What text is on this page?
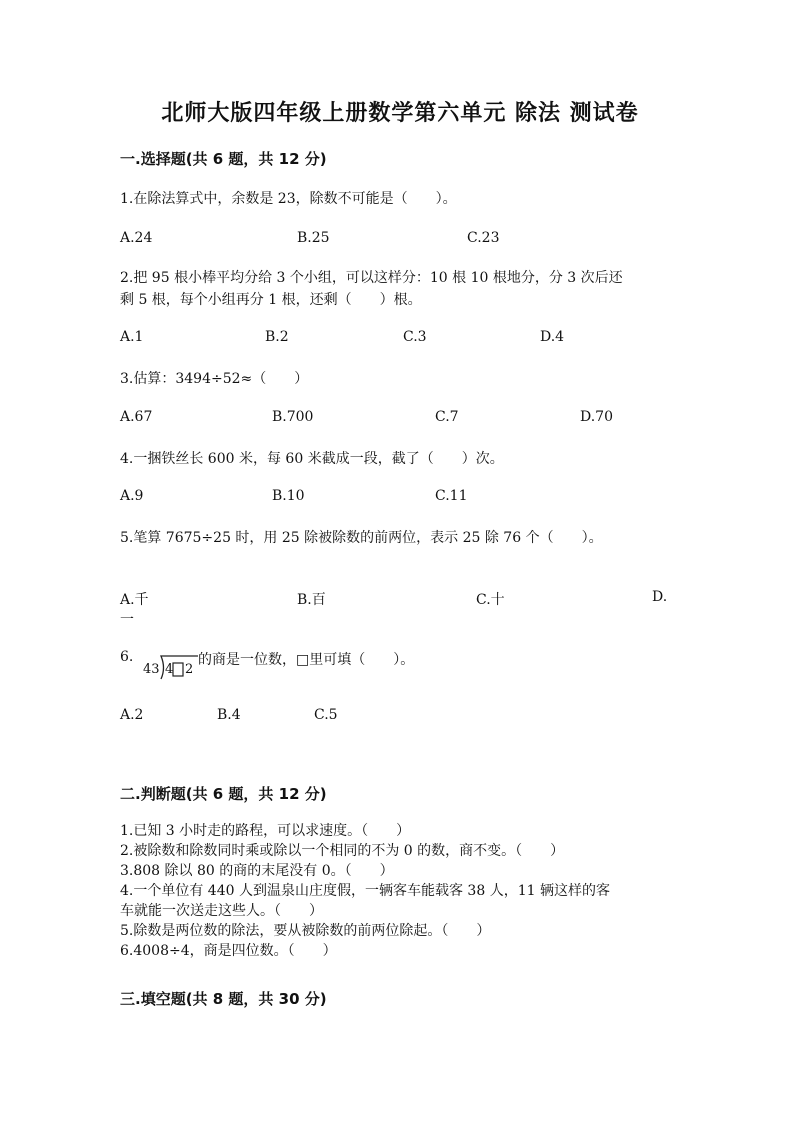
北师大版四年级上册数学第六单元 除法 测试卷
一.选择题(共 6 题，共 12 分)
1.在除法算式中，余数是 23，除数不可能是（　　）。
A.24	B.25	C.23
2.把 95 根小棒平均分给 3 个小组，可以这样分：10 根 10 根地分，分 3 次后还
剩 5 根，每个小组再分 1 根，还剩（　　）根。
A.1	B.2	C.3	D.4
3.估算：3494÷52≈（　　）
A.67	B.700	C.7	D.70
4.一捆铁丝长 600 米，每 60 米截成一段，截了（　　）次。
A.9	B.10	C.11
5.笔算 7675÷25 时，用 25 除被除数的前两位，表示 25 除 76 个（　　）。
A.千	B.百	C.十	D.
一
6.
43 4 2
的商是一位数，□里可填（　　）。
A.2	B.4	C.5
二.判断题(共 6 题，共 12 分)
1.已知 3 小时走的路程，可以求速度。（　　）
2.被除数和除数同时乘或除以一个相同的不为 0 的数，商不变。（　　）
3.808 除以 80 的商的末尾没有 0。（　　）
4.一个单位有 440 人到温泉山庄度假，一辆客车能载客 38 人，11 辆这样的客
车就能一次送走这些人。（　　）
5.除数是两位数的除法，要从被除数的前两位除起。（　　）
6.4008÷4，商是四位数。（　　）
三.填空题(共 8 题，共 30 分)
